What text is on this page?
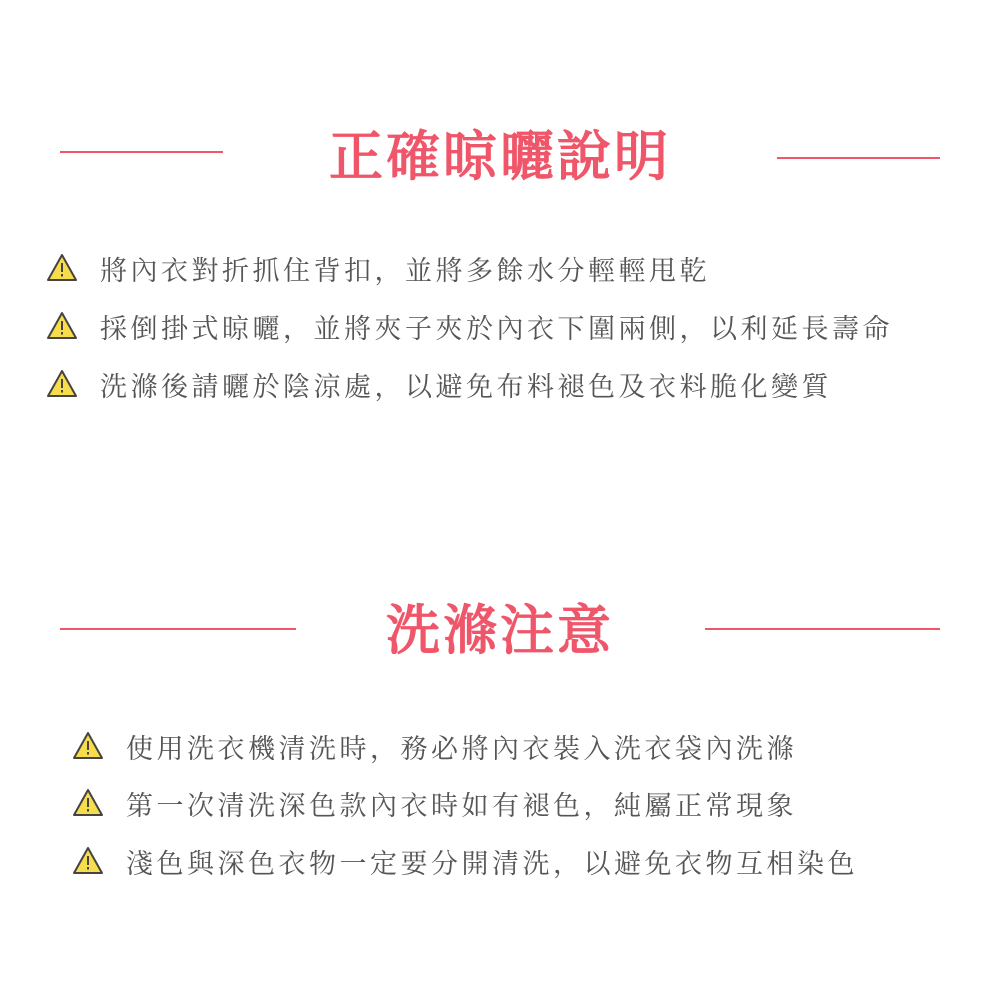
正確晾曬說明
將內衣對折抓住背扣，並將多餘水分輕輕甩乾
採倒掛式晾曬，並將夾子夾於內衣下圍兩側，以利延長壽命
洗滌後請曬於陰涼處，以避免布料褪色及衣料脆化變質
洗滌注意
使用洗衣機清洗時，務必將內衣裝入洗衣袋內洗滌
第一次清洗深色款內衣時如有褪色，純屬正常現象
淺色與深色衣物一定要分開清洗，以避免衣物互相染色
